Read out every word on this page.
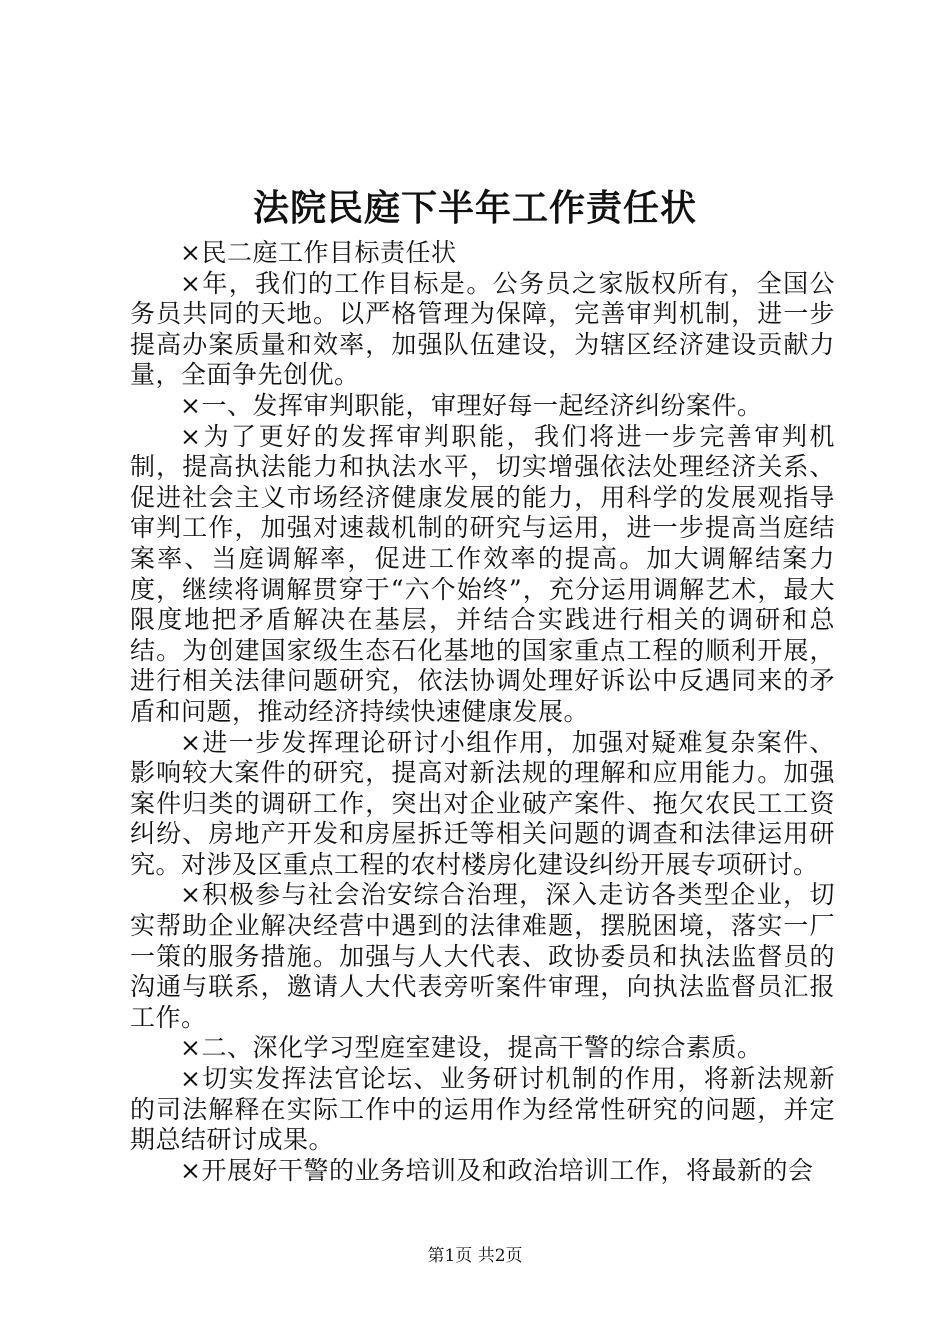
法院民庭下半年工作责任状

×民二庭工作目标责任状

×年，我们的工作目标是。公务员之家版权所有，全国公务员共同的天地。以严格管理为保障，完善审判机制，进一步提高办案质量和效率，加强队伍建设，为辖区经济建设贡献力量，全面争先创优。

×一、发挥审判职能，审理好每一起经济纠纷案件。

×为了更好的发挥审判职能，我们将进一步完善审判机制，提高执法能力和执法水平，切实增强依法处理经济关系、促进社会主义市场经济健康发展的能力，用科学的发展观指导审判工作，加强对速裁机制的研究与运用，进一步提高当庭结案率、当庭调解率，促进工作效率的提高。加大调解结案力度，继续将调解贯穿于“六个始终”，充分运用调解艺术，最大限度地把矛盾解决在基层，并结合实践进行相关的调研和总结。为创建国家级生态石化基地的国家重点工程的顺利开展，进行相关法律问题研究，依法协调处理好诉讼中反遇同来的矛盾和问题，推动经济持续快速健康发展。

×进一步发挥理论研讨小组作用，加强对疑难复杂案件、影响较大案件的研究，提高对新法规的理解和应用能力。加强案件归类的调研工作，突出对企业破产案件、拖欠农民工工资纠纷、房地产开发和房屋拆迁等相关问题的调查和法律运用研究。对涉及区重点工程的农村楼房化建设纠纷开展专项研讨。

×积极参与社会治安综合治理，深入走访各类型企业，切实帮助企业解决经营中遇到的法律难题，摆脱困境，落实一厂一策的服务措施。加强与人大代表、政协委员和执法监督员的沟通与联系，邀请人大代表旁听案件审理，向执法监督员汇报工作。

×二、深化学习型庭室建设，提高干警的综合素质。

×切实发挥法官论坛、业务研讨机制的作用，将新法规新的司法解释在实际工作中的运用作为经常性研究的问题，并定期总结研讨成果。

×开展好干警的业务培训及和政治培训工作，将最新的会

第1页 共2页
